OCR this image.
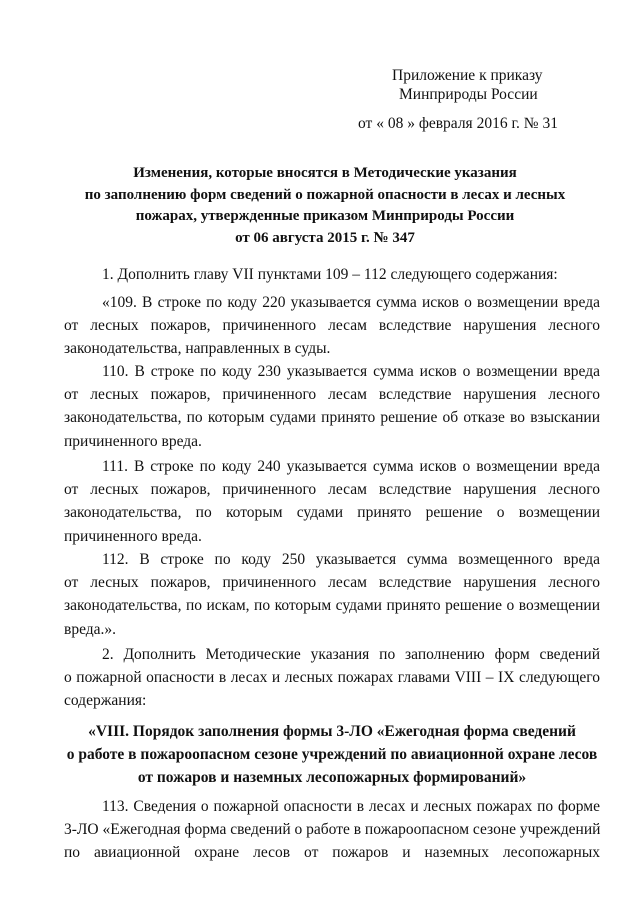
Приложение к приказу
Минприроды России
от « 08 » февраля 2016 г. № 31
Изменения, которые вносятся в Методические указания
по заполнению форм сведений о пожарной опасности в лесах и лесных
пожарах, утвержденные приказом Минприроды России
от 06 августа 2015 г. № 347
1. Дополнить главу VII пунктами 109 – 112 следующего содержания:
«109. В строке по коду 220 указывается сумма исков о возмещении вреда
от лесных пожаров, причиненного лесам вследствие нарушения лесного
законодательства, направленных в суды.
110. В строке по коду 230 указывается сумма исков о возмещении вреда
от лесных пожаров, причиненного лесам вследствие нарушения лесного
законодательства, по которым судами принято решение об отказе во взыскании
причиненного вреда.
111. В строке по коду 240 указывается сумма исков о возмещении вреда
от лесных пожаров, причиненного лесам вследствие нарушения лесного
законодательства, по которым судами принято решение о возмещении
причиненного вреда.
112. В строке по коду 250 указывается сумма возмещенного вреда
от лесных пожаров, причиненного лесам вследствие нарушения лесного
законодательства, по искам, по которым судами принято решение о возмещении
вреда.».
2. Дополнить Методические указания по заполнению форм сведений
о пожарной опасности в лесах и лесных пожарах главами VIII – IX следующего
содержания:
«VIII. Порядок заполнения формы 3-ЛО «Ежегодная форма сведений
о работе в пожароопасном сезоне учреждений по авиационной охране лесов
от пожаров и наземных лесопожарных формирований»
113. Сведения о пожарной опасности в лесах и лесных пожарах по форме
3-ЛО «Ежегодная форма сведений о работе в пожароопасном сезоне учреждений
по авиационной охране лесов от пожаров и наземных лесопожарных
